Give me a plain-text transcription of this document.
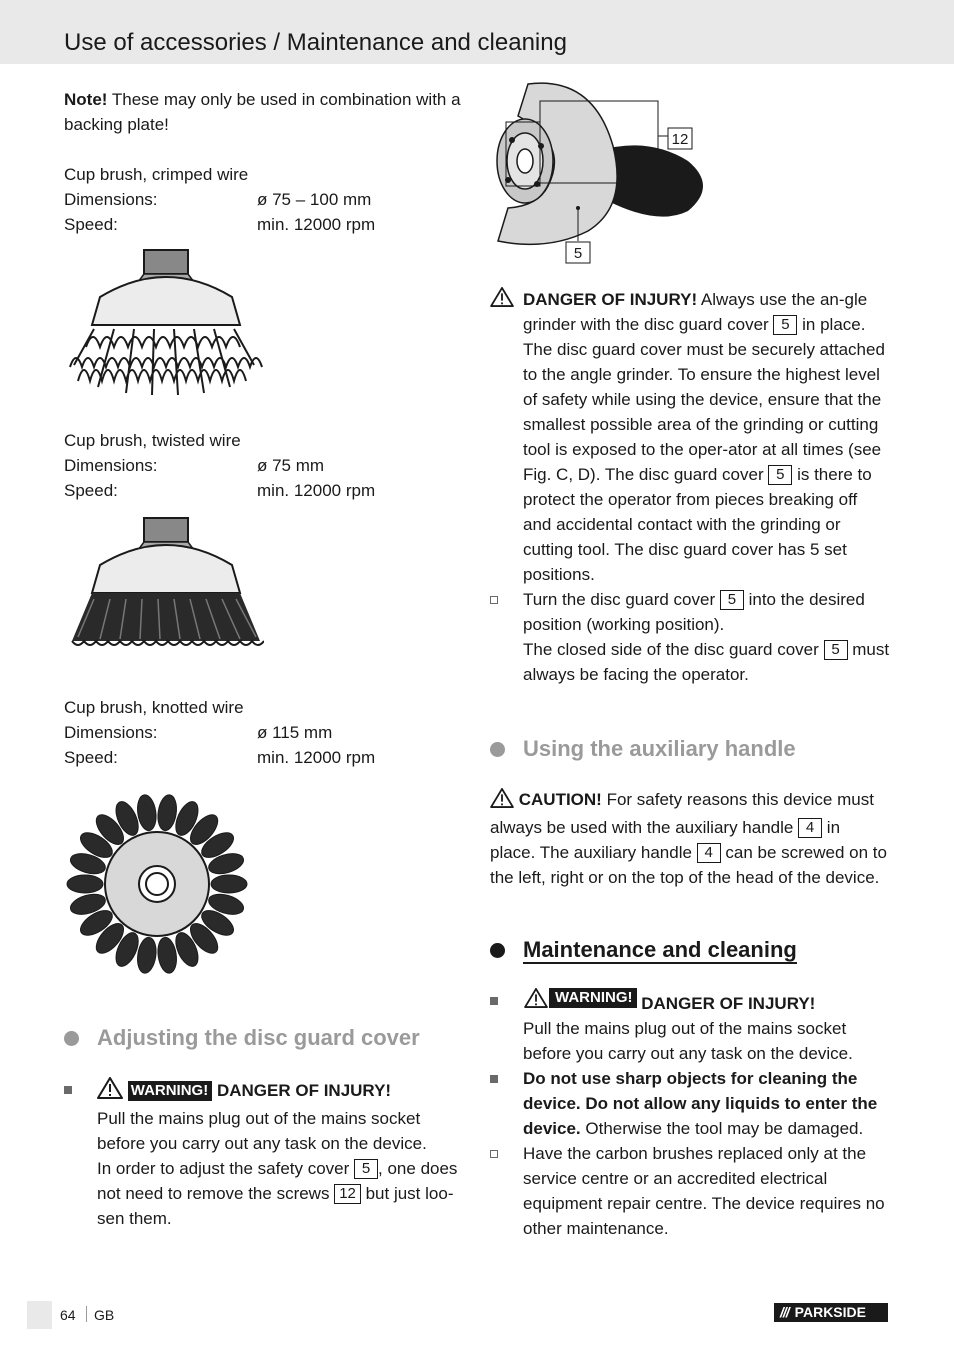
Use of accessories / Maintenance and cleaning

Note! These may only be used in combination with a backing plate!

Cup brush, crimped wire

Dimensions:	ø 75 – 100 mm
Speed:	min. 12000 rpm

Cup brush, twisted wire

Dimensions:	ø 75 mm
Speed:	min. 12000 rpm

Cup brush, knotted wire

Dimensions:	ø 115 mm
Speed:	min. 12000 rpm
Adjusting the disc guard cover

WARNING! DANGER OF INJURY!
Pull the mains plug out of the mains socket before you carry out any task on the device.
In order to adjust the safety cover 5 , one does not need to remove the screws 12 but just loo-sen them.
12
5
DANGER OF INJURY! Always use the an-gle grinder with the disc guard cover 5 in place. The disc guard cover must be securely attached to the angle grinder. To ensure the highest level of safety while using the device, ensure that the smallest possible area of the grinding or cutting tool is exposed to the oper-ator at all times (see Fig. C, D). The disc guard cover 5 is there to protect the operator from pieces breaking off and accidental contact with the grinding or cutting tool. The disc guard cover has 5 set positions.
Turn the disc guard cover 5 into the desired position (working position).
The closed side of the disc guard cover 5 must always be facing the operator.
Using the auxiliary handle

CAUTION! For safety reasons this device must always be used with the auxiliary handle 4 in place. The auxiliary handle 4 can be screwed on to the left, right or on the top of the head of the device.

Maintenance and cleaning
WARNING! DANGER OF INJURY!
Pull the mains plug out of the mains socket before you carry out any task on the device.
Do not use sharp objects for cleaning the device. Do not allow any liquids to enter the device. Otherwise the tool may be damaged.
Have the carbon brushes replaced only at the service centre or an accredited electrical equipment repair centre. The device requires no other maintenance.
64 GB	/// PARKSIDE
